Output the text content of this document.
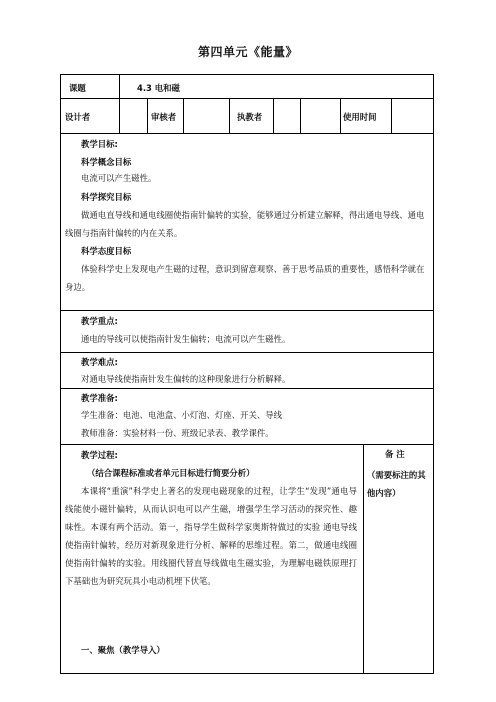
第四单元《能量》
课题	4.3 电和磁
设计者	审核者	执教者	使用时间
教学目标:
科学概念目标
电流可以产生磁性。
科学探究目标
做通电直导线和通电线圈使指南针偏转的实验，能够通过分析建立解释，得出通电导线、通电线圈与指南针偏转的内在关系。
科学态度目标
体验科学史上发现电产生磁的过程，意识到留意观察、善于思考品质的重要性，感悟科学就在身边。
教学重点:
通电的导线可以使指南针发生偏转；电流可以产生磁性。
教学难点:
对通电导线使指南针发生偏转的这种现象进行分析解释。
教学准备:
学生准备：电池、电池盒、小灯泡、灯座、开关、导线
教师准备：实验材料一份、班级记录表、教学课件。
教学过程:
（结合课程标准或者单元目标进行简要分析）
本课将“重演”科学史上著名的发现电磁现象的过程，让学生“发现”通电导线能使小磁针偏转，从而认识电可以产生磁，增强学生学习活动的探究性、趣味性。本课有两个活动。第一，指导学生做科学家奥斯特做过的实验 通电导线使指南针偏转，经历对新现象进行分析、解释的思维过程。第二，做通电线圈使指南针偏转的实验。用线圈代替直导线做电生磁实验，为理解电磁铁原理打下基础也为研究玩具小电动机埋下伏笔。
一、聚焦（教学导入）
备 注
（需要标注的其他内容）
